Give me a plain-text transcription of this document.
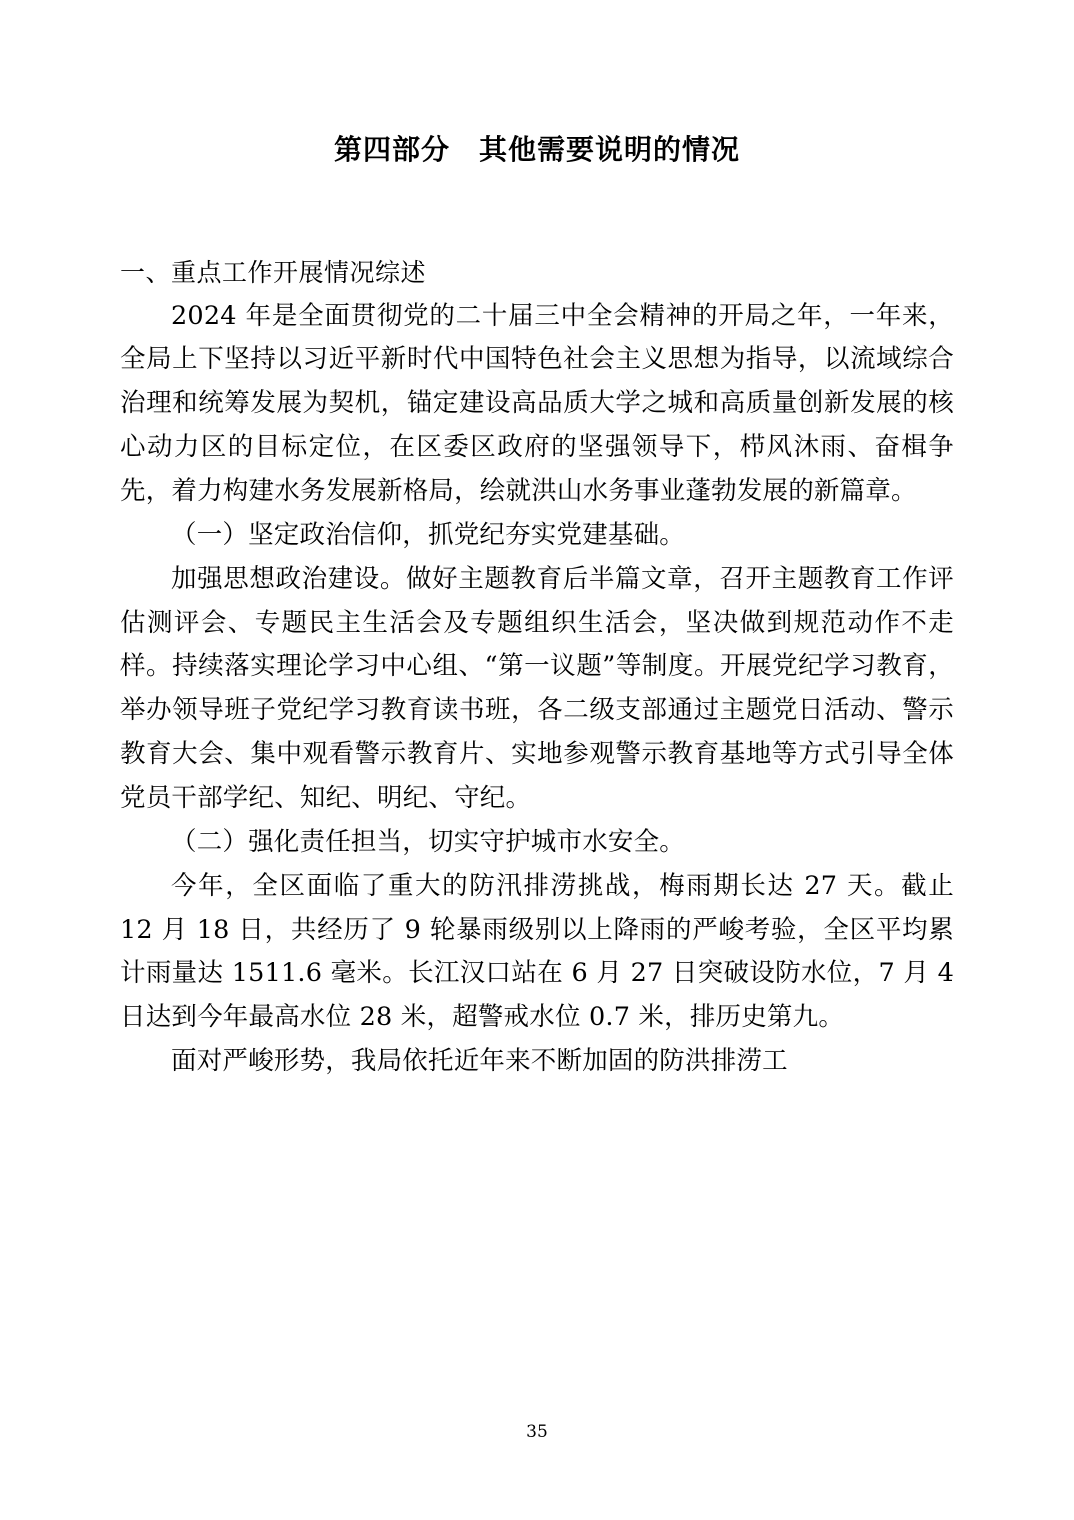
第四部分　其他需要说明的情况
一、重点工作开展情况综述

2024 年是全面贯彻党的二十届三中全会精神的开局之年，一年来，全局上下坚持以习近平新时代中国特色社会主义思想为指导，以流域综合治理和统筹发展为契机，锚定建设高品质大学之城和高质量创新发展的核心动力区的目标定位，在区委区政府的坚强领导下，栉风沐雨、奋楫争先，着力构建水务发展新格局，绘就洪山水务事业蓬勃发展的新篇章。

（一）坚定政治信仰，抓党纪夯实党建基础。

加强思想政治建设。做好主题教育后半篇文章，召开主题教育工作评估测评会、专题民主生活会及专题组织生活会，坚决做到规范动作不走样。持续落实理论学习中心组、“第一议题”等制度。开展党纪学习教育，举办领导班子党纪学习教育读书班，各二级支部通过主题党日活动、警示教育大会、集中观看警示教育片、实地参观警示教育基地等方式引导全体党员干部学纪、知纪、明纪、守纪。

（二）强化责任担当，切实守护城市水安全。

今年，全区面临了重大的防汛排涝挑战，梅雨期长达 27 天。截止 12 月 18 日，共经历了 9 轮暴雨级别以上降雨的严峻考验，全区平均累计雨量达 1511.6 毫米。长江汉口站在 6 月 27 日突破设防水位，7 月 4 日达到今年最高水位 28 米，超警戒水位 0.7 米，排历史第九。

面对严峻形势，我局依托近年来不断加固的防洪排涝工

35
